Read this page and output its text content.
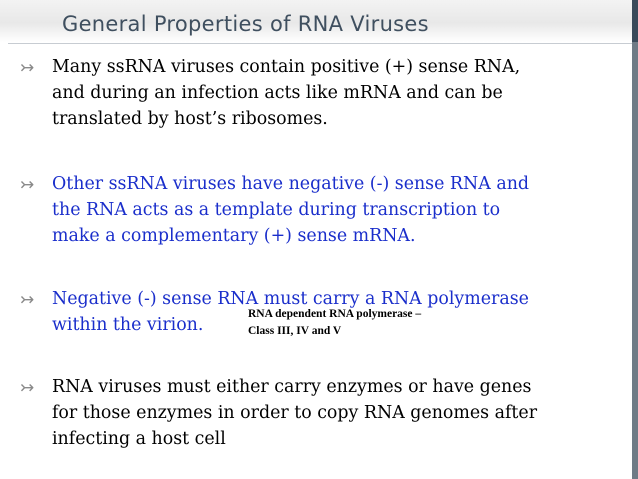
General Properties of RNA Viruses
↣	Many ssRNA viruses contain positive (+) sense RNA,
and during an infection acts like mRNA and can be
translated by host’s ribosomes.
↣	Other ssRNA viruses have negative (-) sense RNA and
the RNA acts as a template during transcription to
make a complementary (+) sense mRNA.
↣	Negative (-) sense RNA must carry a RNA polymerase
within the virion.
RNA dependent RNA polymerase –
Class III, IV and V
↣	RNA viruses must either carry enzymes or have genes
for those enzymes in order to copy RNA genomes after
infecting a host cell
